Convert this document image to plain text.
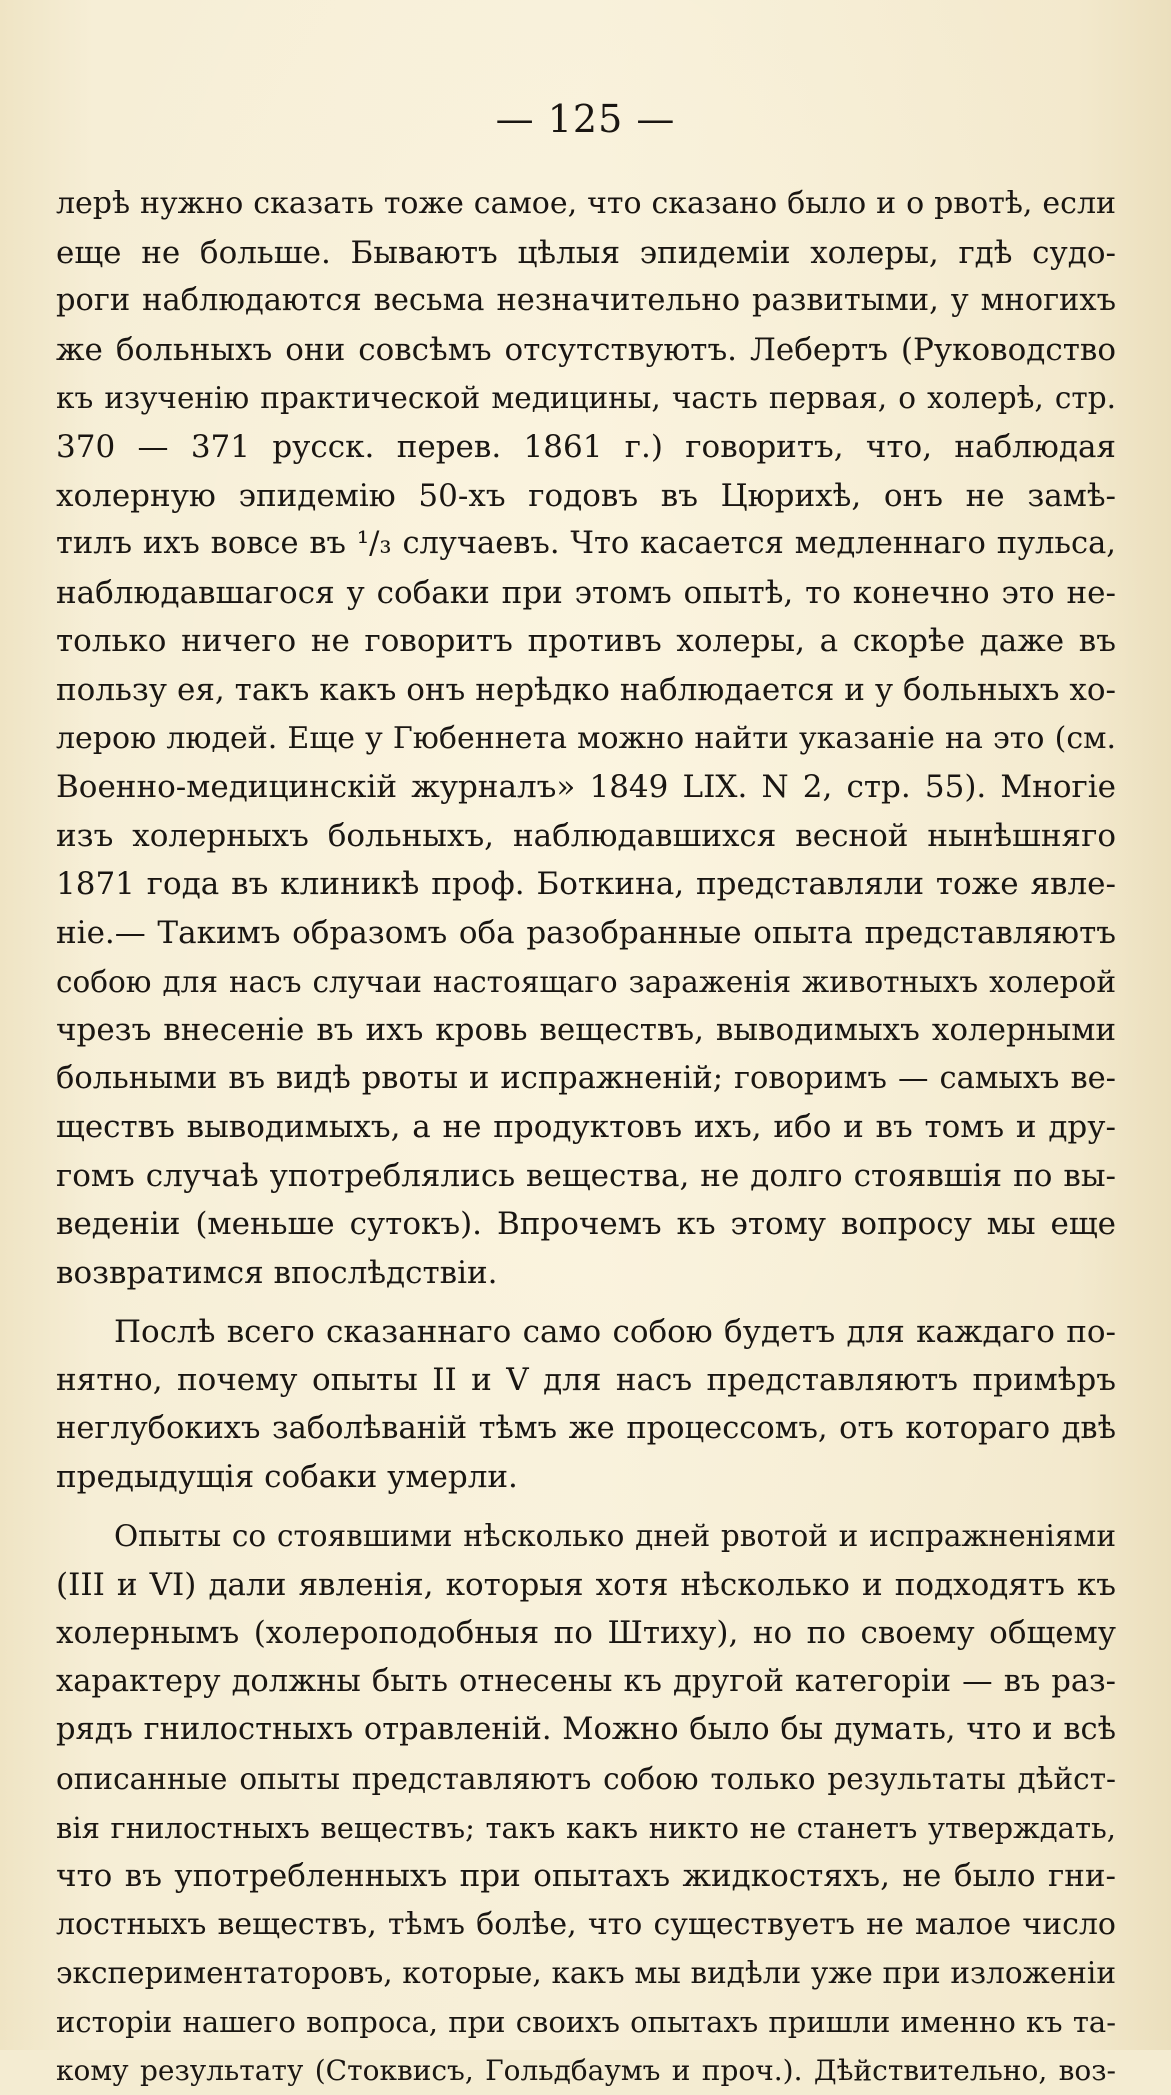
— 125 —
лерѣ нужно сказать тоже самое, что сказано было и о рвотѣ, если
еще не больше. Бываютъ цѣлыя эпидеміи холеры, гдѣ судо-
роги наблюдаются весьма незначительно развитыми, у многихъ
же больныхъ они совсѣмъ отсутствуютъ. Лебертъ (Руководство
къ изученію практической медицины, часть первая, о холерѣ, стр.
370 — 371 русск. перев. 1861 г.) говоритъ, что, наблюдая
холерную эпидемію 50-хъ годовъ въ Цюрихѣ, онъ не замѣ-
тилъ ихъ вовсе въ ¹/₃ случаевъ. Что касается медленнаго пульса,
наблюдавшагося у собаки при этомъ опытѣ, то конечно это не-
только ничего не говоритъ противъ холеры, а скорѣе даже въ
пользу ея, такъ какъ онъ нерѣдко наблюдается и у больныхъ хо-
лерою людей. Еще у Гюбеннета можно найти указаніе на это (см.
Военно-медицинскій журналъ» 1849 LIX. N 2, стр. 55). Многіе
изъ холерныхъ больныхъ, наблюдавшихся весной нынѣшняго
1871 года въ клиникѣ проф. Боткина, представляли тоже явле-
ніе.— Такимъ образомъ оба разобранные опыта представляютъ
собою для насъ случаи настоящаго зараженія животныхъ холерой
чрезъ внесеніе въ ихъ кровь веществъ, выводимыхъ холерными
больными въ видѣ рвоты и испражненій; говоримъ — самыхъ ве-
ществъ выводимыхъ, а не продуктовъ ихъ, ибо и въ томъ и дру-
гомъ случаѣ употреблялись вещества, не долго стоявшія по вы-
веденіи (меньше сутокъ). Впрочемъ къ этому вопросу мы еще
возвратимся впослѣдствіи.
Послѣ всего сказаннаго само собою будетъ для каждаго по-
нятно, почему опыты II и V для насъ представляютъ примѣръ
неглубокихъ заболѣваній тѣмъ же процессомъ, отъ котораго двѣ
предыдущія собаки умерли.
Опыты со стоявшими нѣсколько дней рвотой и испражненіями
(III и VI) дали явленія, которыя хотя нѣсколько и подходятъ къ
холернымъ (холероподобныя по Штиху), но по своему общему
характеру должны быть отнесены къ другой категоріи — въ раз-
рядъ гнилостныхъ отравленій. Можно было бы думать, что и всѣ
описанные опыты представляютъ собою только результаты дѣйст-
вія гнилостныхъ веществъ; такъ какъ никто не станетъ утверждать,
что въ употребленныхъ при опытахъ жидкостяхъ, не было гни-
лостныхъ веществъ, тѣмъ болѣе, что существуетъ не малое число
экспериментаторовъ, которые, какъ мы видѣли уже при изложеніи
исторіи нашего вопроса, при своихъ опытахъ пришли именно къ та-
кому результату (Стоквисъ, Гольдбаумъ и проч.). Дѣйствительно, воз-
